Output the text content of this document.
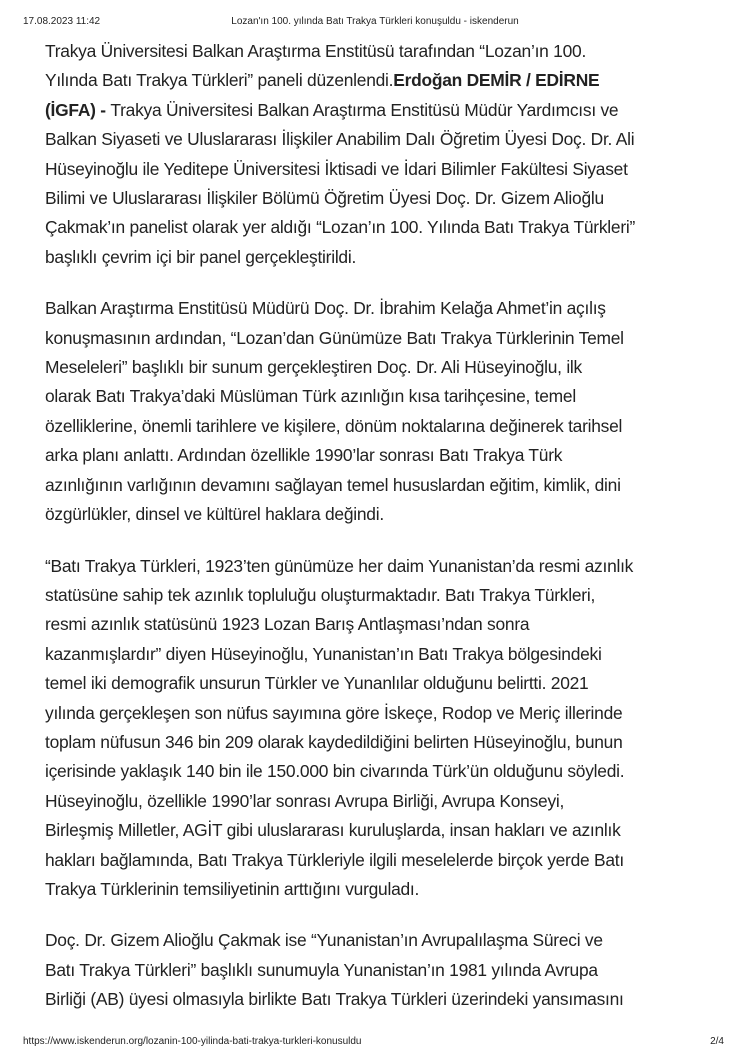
17.08.2023 11:42	Lozan'ın 100. yılında Batı Trakya Türkleri konuşuldu - iskenderun

Trakya Üniversitesi Balkan Araştırma Enstitüsü tarafından “Lozan’ın 100.
Yılında Batı Trakya Türkleri” paneli düzenlendi.Erdoğan DEMİR / EDİRNE
(İGFA) - Trakya Üniversitesi Balkan Araştırma Enstitüsü Müdür Yardımcısı ve
Balkan Siyaseti ve Uluslararası İlişkiler Anabilim Dalı Öğretim Üyesi Doç. Dr. Ali
Hüseyinoğlu ile Yeditepe Üniversitesi İktisadi ve İdari Bilimler Fakültesi Siyaset
Bilimi ve Uluslararası İlişkiler Bölümü Öğretim Üyesi Doç. Dr. Gizem Alioğlu
Çakmak’ın panelist olarak yer aldığı “Lozan’ın 100. Yılında Batı Trakya Türkleri”
başlıklı çevrim içi bir panel gerçekleştirildi.

Balkan Araştırma Enstitüsü Müdürü Doç. Dr. İbrahim Kelağa Ahmet’in açılış
konuşmasının ardından, “Lozan’dan Günümüze Batı Trakya Türklerinin Temel
Meseleleri” başlıklı bir sunum gerçekleştiren Doç. Dr. Ali Hüseyinoğlu, ilk
olarak Batı Trakya’daki Müslüman Türk azınlığın kısa tarihçesine, temel
özelliklerine, önemli tarihlere ve kişilere, dönüm noktalarına değinerek tarihsel
arka planı anlattı. Ardından özellikle 1990’lar sonrası Batı Trakya Türk
azınlığının varlığının devamını sağlayan temel hususlardan eğitim, kimlik, dini
özgürlükler, dinsel ve kültürel haklara değindi.

“Batı Trakya Türkleri, 1923’ten günümüze her daim Yunanistan’da resmi azınlık
statüsüne sahip tek azınlık topluluğu oluşturmaktadır. Batı Trakya Türkleri,
resmi azınlık statüsünü 1923 Lozan Barış Antlaşması’ndan sonra
kazanmışlardır” diyen Hüseyinoğlu, Yunanistan’ın Batı Trakya bölgesindeki
temel iki demografik unsurun Türkler ve Yunanlılar olduğunu belirtti. 2021
yılında gerçekleşen son nüfus sayımına göre İskeçe, Rodop ve Meriç illerinde
toplam nüfusun 346 bin 209 olarak kaydedildiğini belirten Hüseyinoğlu, bunun
içerisinde yaklaşık 140 bin ile 150.000 bin civarında Türk’ün olduğunu söyledi.
Hüseyinoğlu, özellikle 1990’lar sonrası Avrupa Birliği, Avrupa Konseyi,
Birleşmiş Milletler, AGİT gibi uluslararası kuruluşlarda, insan hakları ve azınlık
hakları bağlamında, Batı Trakya Türkleriyle ilgili meselelerde birçok yerde Batı
Trakya Türklerinin temsiliyetinin arttığını vurguladı.

Doç. Dr. Gizem Alioğlu Çakmak ise “Yunanistan’ın Avrupalılaşma Süreci ve
Batı Trakya Türkleri” başlıklı sunumuyla Yunanistan’ın 1981 yılında Avrupa
Birliği (AB) üyesi olmasıyla birlikte Batı Trakya Türkleri üzerindeki yansımasını

https://www.iskenderun.org/lozanin-100-yilinda-bati-trakya-turkleri-konusuldu	2/4
